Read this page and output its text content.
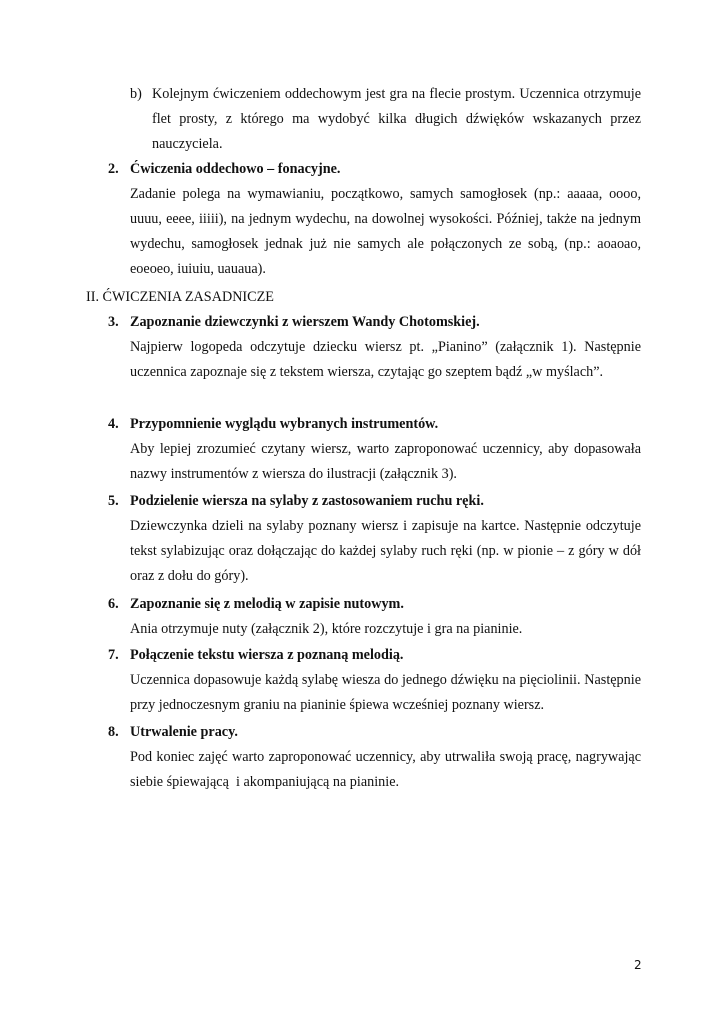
b) Kolejnym ćwiczeniem oddechowym jest gra na flecie prostym. Uczennica otrzymuje flet prosty, z którego ma wydobyć kilka długich dźwięków wskazanych przez nauczyciela.

2. Ćwiczenia oddechowo – fonacyjne.

Zadanie polega na wymawianiu, początkowo, samych samogłosek (np.: aaaaa, oooo, uuuu, eeee, iiiii), na jednym wydechu, na dowolnej wysokości. Później, także na jednym wydechu, samogłosek jednak już nie samych ale połączonych ze sobą, (np.: aoaoao, eoeoeo, iuiuiu, uauaua).

II. ĆWICZENIA ZASADNICZE
3. Zapoznanie dziewczynki z wierszem Wandy Chotomskiej.

Najpierw logopeda odczytuje dziecku wiersz pt. „Pianino” (załącznik 1). Następnie uczennica zapoznaje się z tekstem wiersza, czytając go szeptem bądź „w myślach”.

4. Przypomnienie wyglądu wybranych instrumentów.

Aby lepiej zrozumieć czytany wiersz, warto zaproponować uczennicy, aby dopasowała nazwy instrumentów z wiersza do ilustracji (załącznik 3).

5. Podzielenie wiersza na sylaby z zastosowaniem ruchu ręki.

Dziewczynka dzieli na sylaby poznany wiersz i zapisuje na kartce. Następnie odczytuje tekst sylabizując oraz dołączając do każdej sylaby ruch ręki (np. w pionie – z góry w dół oraz z dołu do góry).

6. Zapoznanie się z melodią w zapisie nutowym.

Ania otrzymuje nuty (załącznik 2), które rozczytuje i gra na pianinie.

7. Połączenie tekstu wiersza z poznaną melodią.

Uczennica dopasowuje każdą sylabę wiesza do jednego dźwięku na pięciolinii. Następnie przy jednoczesnym graniu na pianinie śpiewa wcześniej poznany wiersz.

8. Utrwalenie pracy.

Pod koniec zajęć warto zaproponować uczennicy, aby utrwaliła swoją pracę, nagrywając siebie śpiewającą  i akompaniującą na pianinie.

2
